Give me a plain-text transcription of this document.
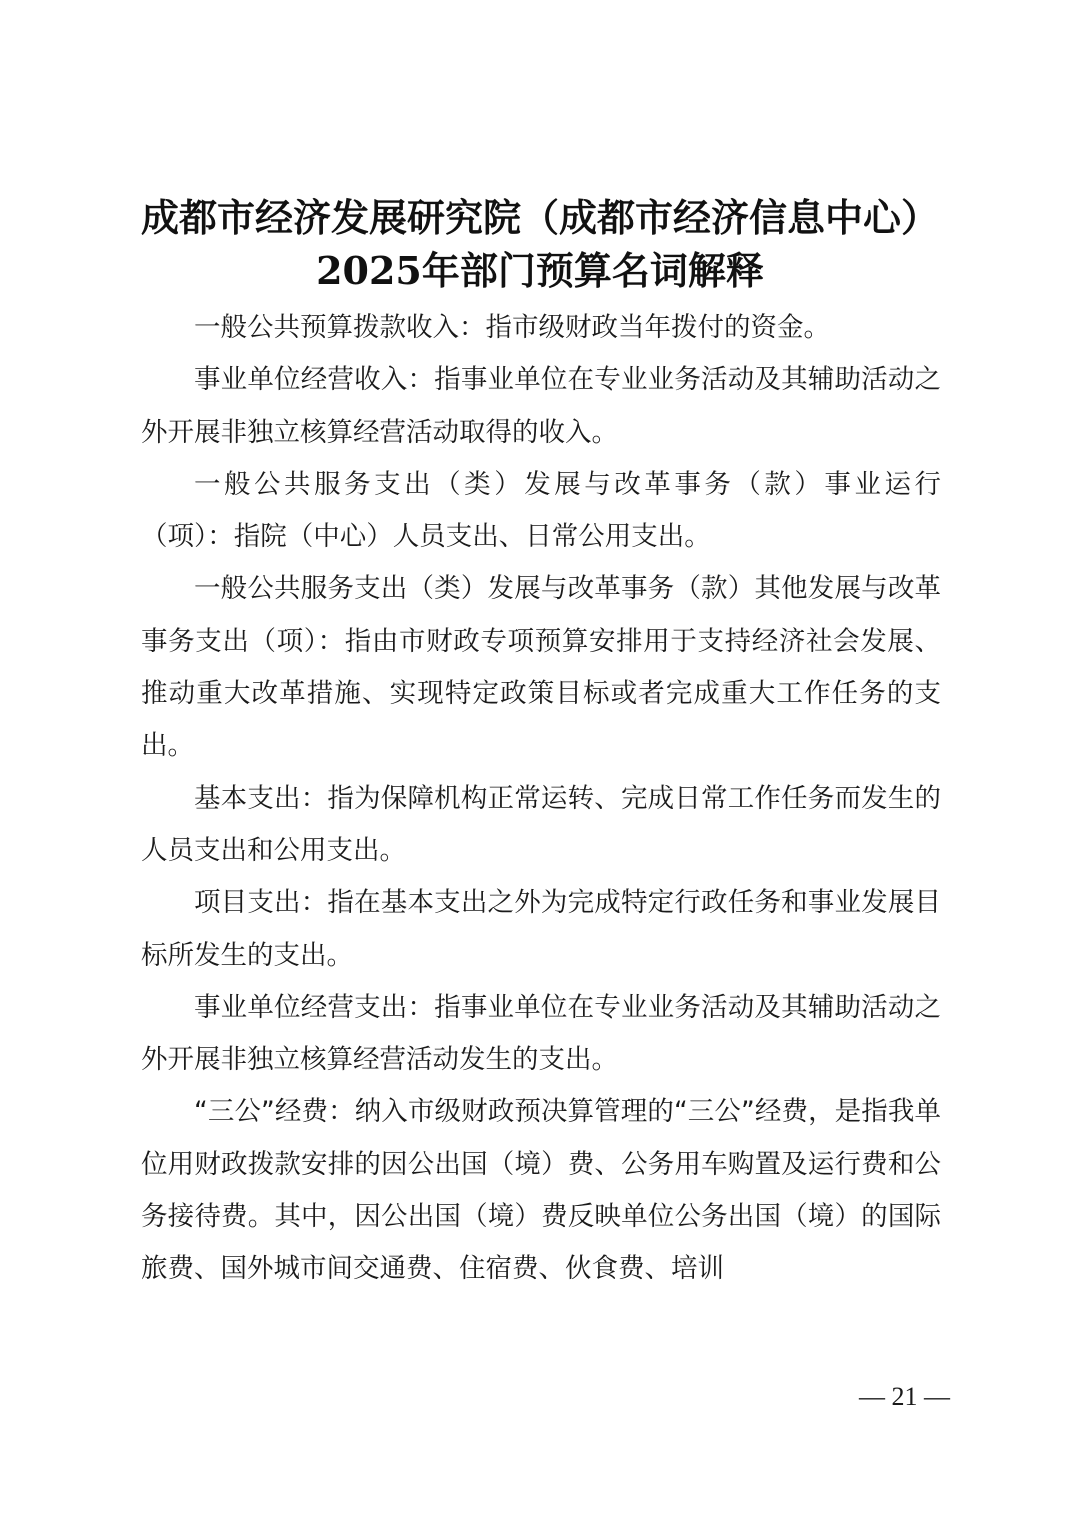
成都市经济发展研究院（成都市经济信息中心）
2025年部门预算名词解释

一般公共预算拨款收入：指市级财政当年拨付的资金。

事业单位经营收入：指事业单位在专业业务活动及其辅助活动之外开展非独立核算经营活动取得的收入。

一般公共服务支出（类）发展与改革事务（款）事业运行（项）：指院（中心）人员支出、日常公用支出。

一般公共服务支出（类）发展与改革事务（款）其他发展与改革事务支出（项）：指由市财政专项预算安排用于支持经济社会发展、推动重大改革措施、实现特定政策目标或者完成重大工作任务的支出。

基本支出：指为保障机构正常运转、完成日常工作任务而发生的人员支出和公用支出。

项目支出：指在基本支出之外为完成特定行政任务和事业发展目标所发生的支出。

事业单位经营支出：指事业单位在专业业务活动及其辅助活动之外开展非独立核算经营活动发生的支出。

“三公”经费：纳入市级财政预决算管理的“三公”经费，是指我单位用财政拨款安排的因公出国（境）费、公务用车购置及运行费和公务接待费。其中，因公出国（境）费反映单位公务出国（境）的国际旅费、国外城市间交通费、住宿费、伙食费、培训

— 21 —
